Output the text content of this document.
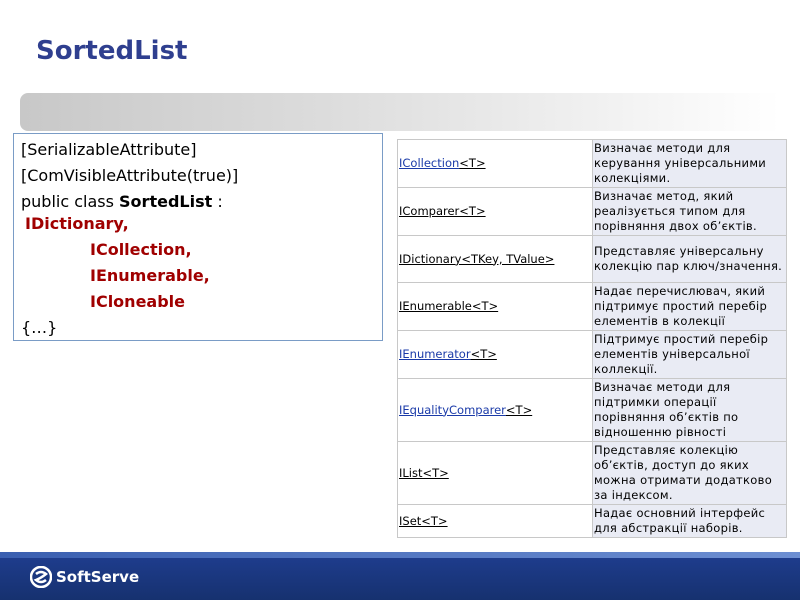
SortedList
[SerializableAttribute]
[ComVisibleAttribute(true)]
public class SortedList :
IDictionary,
ICollection,
IEnumerable,
ICloneable
{…}
ICollection<T>	Визначає методи для керування універсальними колекціями.
IComparer<T>	Визначає метод, який реалізується типом для порівняння двох об’єктів.
IDictionary<TKey, TValue>	Представляє універсальну колекцію пар ключ/значення.
IEnumerable<T>	Надає перечислювач, який підтримує простий перебір елементів в колекції
IEnumerator<T>	Підтримує простий перебір елементів універсальної коллекції.
IEqualityComparer<T>	Визначає методи для підтримки операції порівняння об’єктів по відношенню рівності
IList<T>	Представляє колекцію об’єктів, доступ до яких можна отримати додатково за індексом.
ISet<T>	Надає основний інтерфейс для абстракції наборів.
SoftServe
